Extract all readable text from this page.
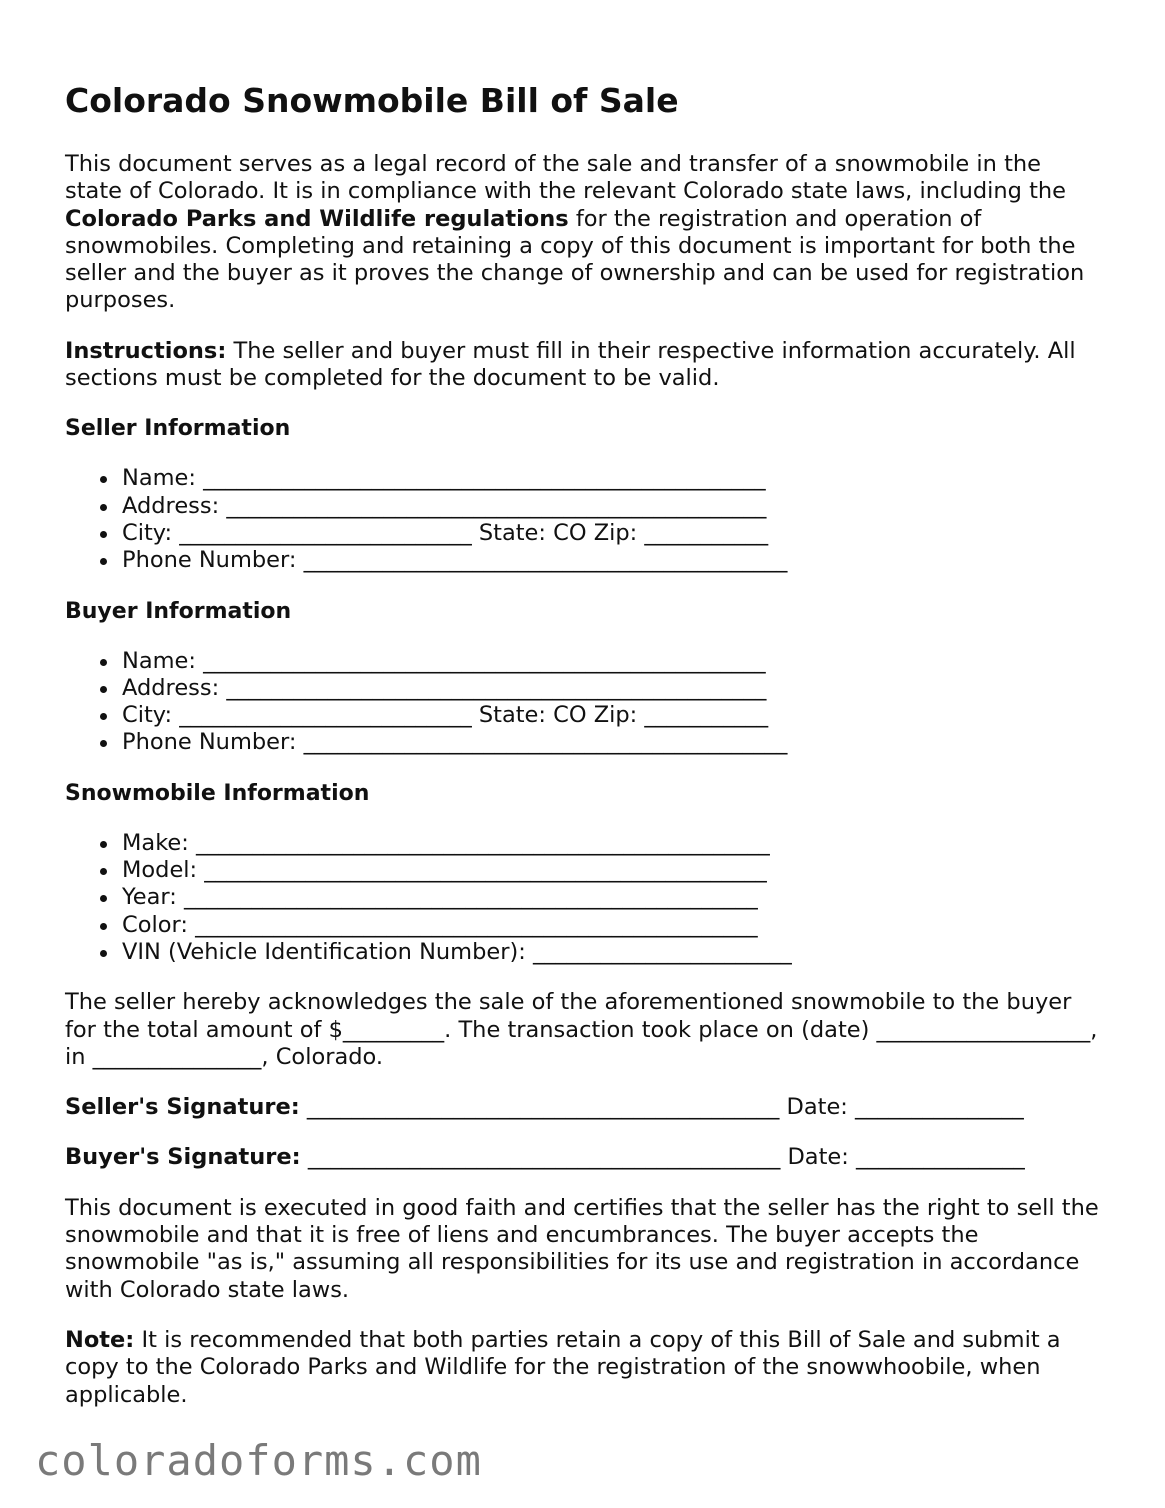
Colorado Snowmobile Bill of Sale

This document serves as a legal record of the sale and transfer of a snowmobile in the state of Colorado. It is in compliance with the relevant Colorado state laws, including the Colorado Parks and Wildlife regulations for the registration and operation of snowmobiles. Completing and retaining a copy of this document is important for both the seller and the buyer as it proves the change of ownership and can be used for registration purposes.

Instructions: The seller and buyer must fill in their respective information accurately. All sections must be completed for the document to be valid.

Seller Information
Name: __________________________________________________
Address: ________________________________________________
City: __________________________ State: CO Zip: ___________
Phone Number: ___________________________________________
Buyer Information
Name: __________________________________________________
Address: ________________________________________________
City: __________________________ State: CO Zip: ___________
Phone Number: ___________________________________________
Snowmobile Information
Make: ___________________________________________________
Model: __________________________________________________
Year: ___________________________________________________
Color: __________________________________________________
VIN (Vehicle Identification Number): _______________________

The seller hereby acknowledges the sale of the aforementioned snowmobile to the buyer for the total amount of $_________. The transaction took place on (date) ___________________, in _______________, Colorado.

Seller's Signature: __________________________________________ Date: _______________
Buyer's Signature: __________________________________________ Date: _______________

This document is executed in good faith and certifies that the seller has the right to sell the snowmobile and that it is free of liens and encumbrances. The buyer accepts the snowmobile "as is," assuming all responsibilities for its use and registration in accordance with Colorado state laws.

Note: It is recommended that both parties retain a copy of this Bill of Sale and submit a copy to the Colorado Parks and Wildlife for the registration of the snowwhoobile, when applicable.

coloradoforms.com
